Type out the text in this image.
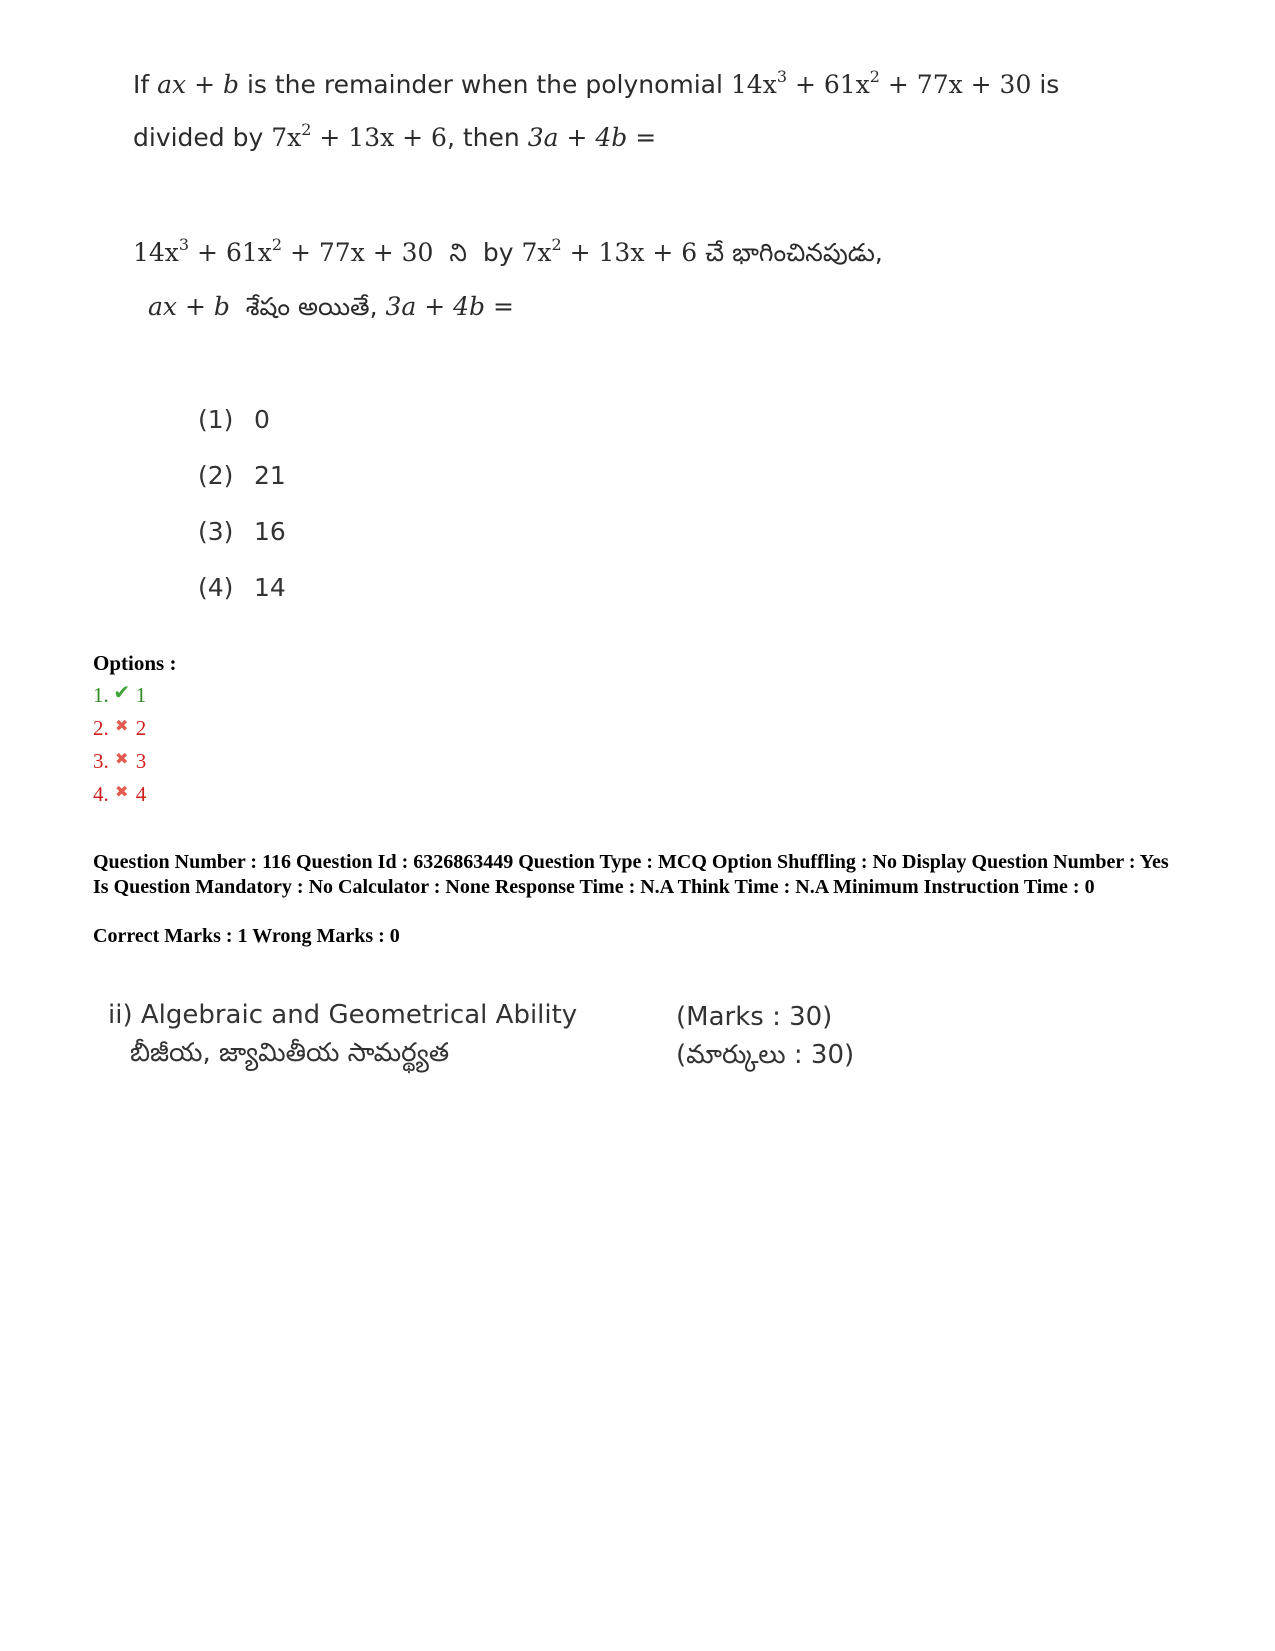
If ax + b is the remainder when the polynomial $14x^3 + 61x^2 + 77x + 30$ is
divided by $7x^2 + 13x + 6$, then 3a + 4b =
$14x^3 + 61x^2 + 77x + 30$ ని by $7x^2 + 13x + 6$ చే భాగించినపుడు,
ax + b శేషం అయితే, 3a + 4b =
(1) 0
(2) 21
(3) 16
(4) 14
Options :
1. ✔ 1
2. ✖ 2
3. ✖ 3
4. ✖ 4
Question Number : 116 Question Id : 6326863449 Question Type : MCQ Option Shuffling : No Display Question Number : Yes Is Question Mandatory : No Calculator : None Response Time : N.A Think Time : N.A Minimum Instruction Time : 0
Correct Marks : 1 Wrong Marks : 0
ii) Algebraic and Geometrical Ability
బీజీయ, జ్యామితీయ సామర్థ్యత
(Marks : 30)
(మార్కులు : 30)
